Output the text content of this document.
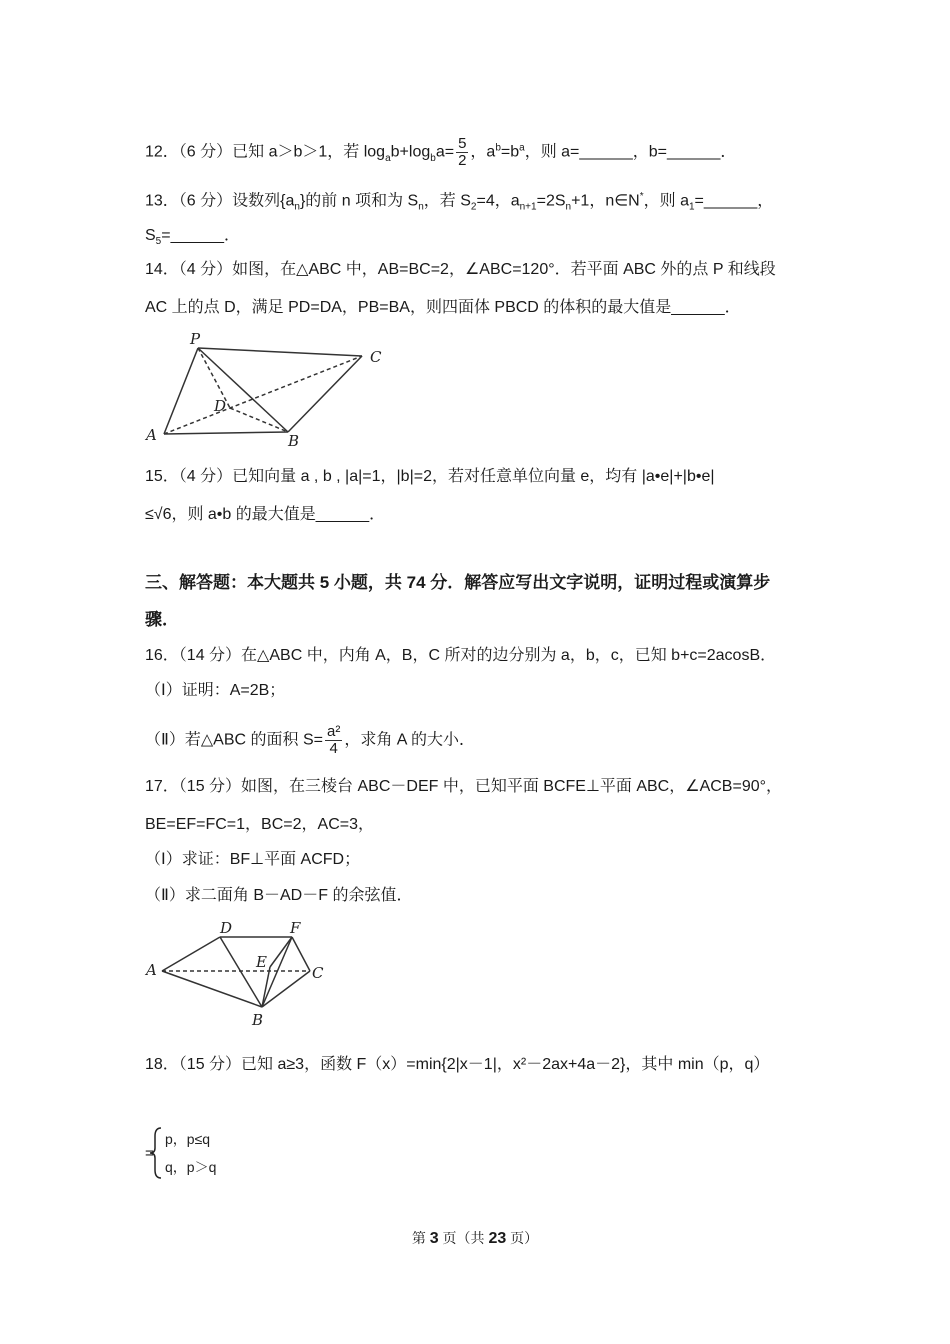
12．（6 分）已知 a＞b＞1，若 $\log_ab+\log_ba= \frac{5}{2}$ ，$a^b=b^a$，则 a=______，b=______．
13．（6 分）设数列$\{a_n\}$的前 n 项和为 $S_n$，若 $S_2=4$，$a_{n+1}=2S_n+1$，n∈N*，则 $a_1=\_\_\_\_\_\_$，
$S_5=\_\_\_\_\_\_$．
14．（4 分）如图，在△ABC 中，AB=BC=2，∠ABC=120°．若平面 ABC 外的点 P 和线段
AC 上的点 D，满足 PD=DA，PB=BA，则四面体 PBCD 的体积的最大值是______．
P
C
D
A	B
15．（4 分）已知向量 a , b , |a|=1，|b|=2，若对任意单位向量 e，均有 |a•e|+|b•e|
≤√6，则 a•b 的最大值是______．
三、解答题：本大题共 5 小题，共 74 分．解答应写出文字说明，证明过程或演算步
骤．
16．（14 分）在△ABC 中，内角 A，B，C 所对的边分别为 a，b，c，已知 b+c=2acosB．
（Ⅰ）证明：A=2B；
（Ⅱ）若△ABC 的面积 $S= \frac{\text{a²}}{4}$ ，求角 A 的大小．
17．（15 分）如图，在三棱台 ABC－DEF 中，已知平面 BCFE⊥平面 ABC，∠ACB=90°，
BE=EF=FC=1，BC=2，AC=3，
（Ⅰ）求证：BF⊥平面 ACFD；
（Ⅱ）求二面角 B－AD－F 的余弦值．
D	F
E
A	C
B
18．（15 分）已知 a≥3，函数 F（x）=min{2|x－1|，x²－2ax+4a－2}，其中 min（p，q）
=
p，p≤q
q，p＞q
第 3 页（共 23 页）
